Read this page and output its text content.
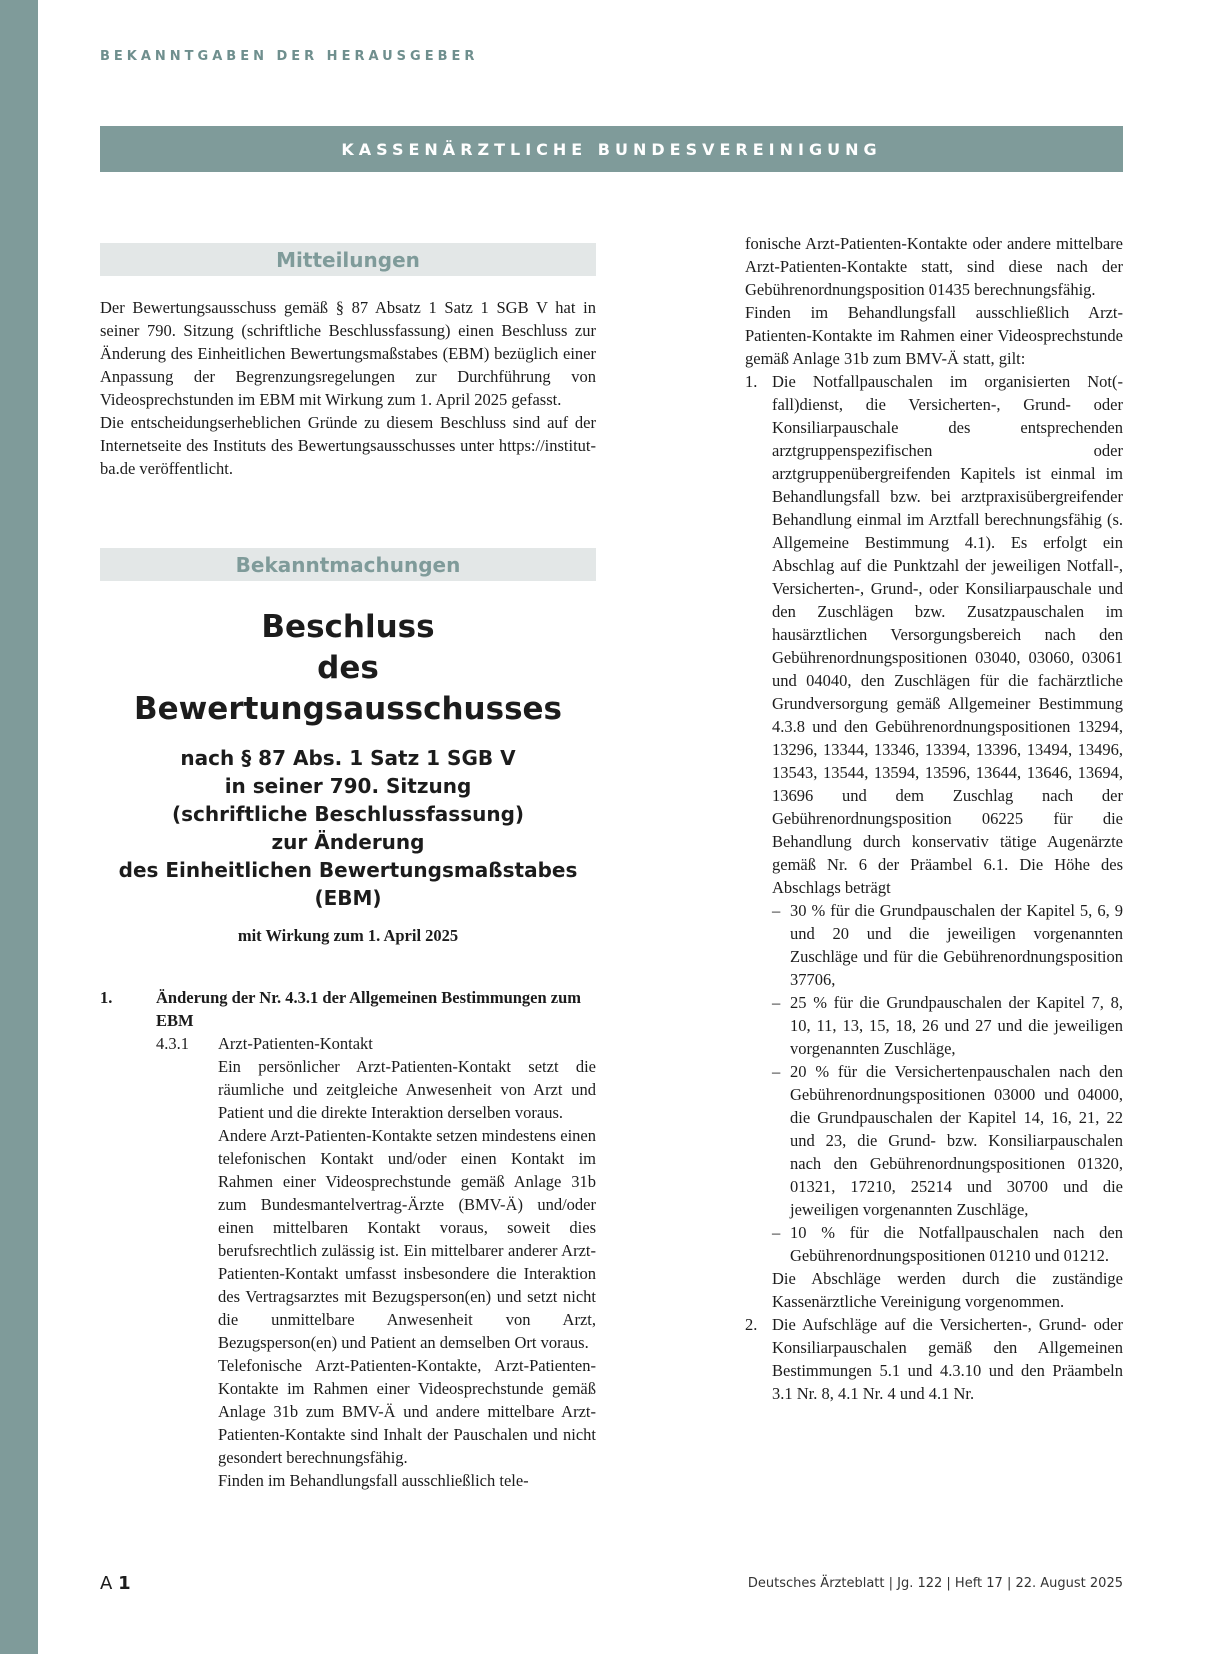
BEKANNTGABEN DER HERAUSGEBER
KASSENÄRZTLICHE BUNDESVEREINIGUNG
Mitteilungen

Der Bewertungsausschuss gemäß § 87 Absatz 1 Satz 1 SGB V hat in seiner 790. Sitzung (schriftliche Beschlussfassung) einen Beschluss zur Änderung des Einheitlichen Bewertungsmaßstabes (EBM) bezüglich einer Anpassung der Begrenzungsregelungen zur Durchführung von Videosprechstunden im EBM mit Wirkung zum 1. April 2025 gefasst.

Die entscheidungserheblichen Gründe zu diesem Beschluss sind auf der Internetseite des Instituts des Bewertungsausschusses unter https://institut-ba.de veröffentlicht.

Bekanntmachungen
Beschluss
des Bewertungsausschusses
nach § 87 Abs. 1 Satz 1 SGB V
in seiner 790. Sitzung
(schriftliche Beschlussfassung)
zur Änderung
des Einheitlichen Bewertungsmaßstabes (EBM)
mit Wirkung zum 1. April 2025
1.	Änderung der Nr. 4.3.1 der Allgemeinen Bestimmungen zum EBM
4.3.1	Arzt-Patienten-Kontakt

Ein persönlicher Arzt-Patienten-Kontakt setzt die räumliche und zeitgleiche Anwesenheit von Arzt und Patient und die direkte Interaktion derselben voraus.

Andere Arzt-Patienten-Kontakte setzen mindestens einen telefonischen Kontakt und/oder einen Kontakt im Rahmen einer Videosprechstunde gemäß Anlage 31b zum Bundesmantelvertrag-Ärzte (BMV-Ä) und/oder einen mittelbaren Kontakt voraus, soweit dies berufsrechtlich zulässig ist. Ein mittelbarer anderer Arzt-Patienten-Kontakt umfasst insbesondere die Interaktion des Vertragsarztes mit Bezugsperson(en) und setzt nicht die unmittelbare Anwesenheit von Arzt, Bezugsperson(en) und Patient an demselben Ort voraus.

Telefonische Arzt-Patienten-Kontakte, Arzt-Patienten-Kontakte im Rahmen einer Videosprechstunde gemäß Anlage 31b zum BMV-Ä und andere mittelbare Arzt-Patienten-Kontakte sind Inhalt der Pauschalen und nicht gesondert berechnungsfähig.

Finden im Behandlungsfall ausschließlich tele-

fonische Arzt-Patienten-Kontakte oder andere mittelbare Arzt-Patienten-Kontakte statt, sind diese nach der Gebührenordnungsposition 01435 berechnungsfähig.

Finden im Behandlungsfall ausschließlich Arzt-Patienten-Kontakte im Rahmen einer Videosprechstunde gemäß Anlage 31b zum BMV-Ä statt, gilt:

1. Die Notfallpauschalen im organisierten Not(-fall)dienst, die Versicherten-, Grund- oder Konsiliarpauschale des entsprechenden arztgruppenspezifischen oder arztgruppenübergreifenden Kapitels ist einmal im Behandlungsfall bzw. bei arztpraxisübergreifender Behandlung einmal im Arztfall berechnungsfähig (s. Allgemeine Bestimmung 4.1). Es erfolgt ein Abschlag auf die Punktzahl der jeweiligen Notfall-, Versicherten-, Grund-, oder Konsiliarpauschale und den Zuschlägen bzw. Zusatzpauschalen im hausärztlichen Versorgungsbereich nach den Gebührenordnungspositionen 03040, 03060, 03061 und 04040, den Zuschlägen für die fachärztliche Grundversorgung gemäß Allgemeiner Bestimmung 4.3.8 und den Gebührenordnungspositionen 13294, 13296, 13344, 13346, 13394, 13396, 13494, 13496, 13543, 13544, 13594, 13596, 13644, 13646, 13694, 13696 und dem Zuschlag nach der Gebührenordnungsposition 06225 für die Behandlung durch konservativ tätige Augenärzte gemäß Nr. 6 der Präambel 6.1. Die Höhe des Abschlags beträgt
– 30 % für die Grundpauschalen der Kapitel 5, 6, 9 und 20 und die jeweiligen vorgenannten Zuschläge und für die Gebührenordnungsposition 37706,
– 25 % für die Grundpauschalen der Kapitel 7, 8, 10, 11, 13, 15, 18, 26 und 27 und die jeweiligen vorgenannten Zuschläge,
– 20 % für die Versichertenpauschalen nach den Gebührenordnungspositionen 03000 und 04000, die Grundpauschalen der Kapitel 14, 16, 21, 22 und 23, die Grund- bzw. Konsiliarpauschalen nach den Gebührenordnungspositionen 01320, 01321, 17210, 25214 und 30700 und die jeweiligen vorgenannten Zuschläge,
– 10 % für die Notfallpauschalen nach den Gebührenordnungspositionen 01210 und 01212.
Die Abschläge werden durch die zuständige Kassenärztliche Vereinigung vorgenommen.
2. Die Aufschläge auf die Versicherten-, Grund- oder Konsiliarpauschalen gemäß den Allgemeinen Bestimmungen 5.1 und 4.3.10 und den Präambeln 3.1 Nr. 8, 4.1 Nr. 4 und 4.1 Nr.
A 1	Deutsches Ärzteblatt | Jg. 122 | Heft 17 | 22. August 2025
